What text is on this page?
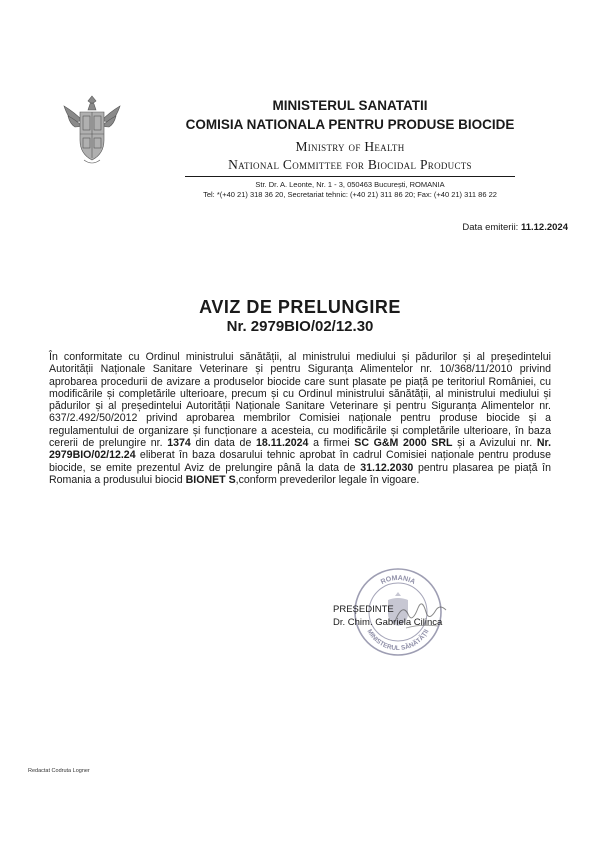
MINISTERUL SANATATII
COMISIA NATIONALA PENTRU PRODUSE BIOCIDE
Ministry of Health
National Committee for Biocidal Products
Str. Dr. A. Leonte, Nr. 1 - 3, 050463 București, ROMANIA
Tel: *(+40 21) 318 36 20, Secretariat tehnic: (+40 21) 311 86 20; Fax: (+40 21) 311 86 22
Data emiterii: 11.12.2024
AVIZ DE PRELUNGIRE
Nr. 2979BIO/02/12.30
În conformitate cu Ordinul ministrului sănătății, al ministrului mediului și pădurilor și al președintelui Autorității Naționale Sanitare Veterinare și pentru Siguranța Alimentelor nr. 10/368/11/2010 privind aprobarea procedurii de avizare a produselor biocide care sunt plasate pe piață pe teritoriul României, cu modificările și completările ulterioare, precum și cu Ordinul ministrului sănătății, al ministrului mediului și pădurilor și al președintelui Autorității Naționale Sanitare Veterinare și pentru Siguranța Alimentelor nr. 637/2.492/50/2012 privind aprobarea membrilor Comisiei naționale pentru produse biocide și a regulamentului de organizare și funcționare a acesteia, cu modificările și completările ulterioare, în baza cererii de prelungire nr. 1374 din data de 18.11.2024 a firmei SC G&M 2000 SRL și a Avizului nr. Nr. 2979BIO/02/12.24 eliberat în baza dosarului tehnic aprobat în cadrul Comisiei naționale pentru produse biocide, se emite prezentul Aviz de prelungire până la data de 31.12.2030 pentru plasarea pe piață în Romania a produsului biocid BIONET S,conform prevederilor legale în vigoare.
ROMANIA
MINISTERUL SĂNĂTĂȚII
PREȘEDINTE
Dr. Chim. Gabriela Cilinca
Redactat Codruta Logner
